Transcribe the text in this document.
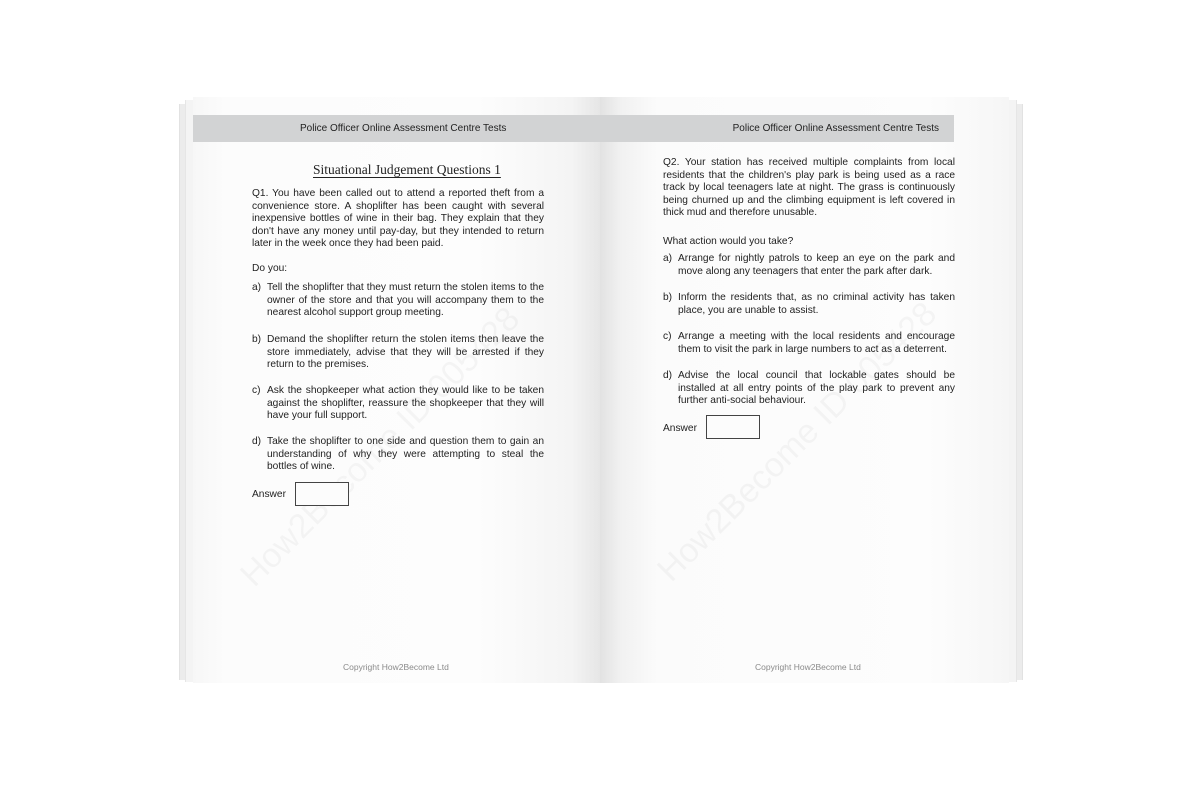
Police Officer Online Assessment Centre Tests
Situational Judgement Questions 1
Q1. You have been called out to attend a reported theft from a convenience store. A shoplifter has been caught with several inexpensive bottles of wine in their bag. They explain that they don't have any money until pay-day, but they intended to return later in the week once they had been paid.
Do you:
a) Tell the shoplifter that they must return the stolen items to the owner of the store and that you will accompany them to the nearest alcohol support group meeting.
b) Demand the shoplifter return the stolen items then leave the store immediately, advise that they will be arrested if they return to the premises.
c) Ask the shopkeeper what action they would like to be taken against the shoplifter, reassure the shopkeeper that they will have your full support.
d) Take the shoplifter to one side and question them to gain an understanding of why they were attempting to steal the bottles of wine.
Answer
Copyright How2Become Ltd
Police Officer Online Assessment Centre Tests
Q2. Your station has received multiple complaints from local residents that the children's play park is being used as a race track by local teenagers late at night. The grass is continuously being churned up and the climbing equipment is left covered in thick mud and therefore unusable.
What action would you take?
a) Arrange for nightly patrols to keep an eye on the park and move along any teenagers that enter the park after dark.
b) Inform the residents that, as no criminal activity has taken place, you are unable to assist.
c) Arrange a meeting with the local residents and encourage them to visit the park in large numbers to act as a deterrent.
d) Advise the local council that lockable gates should be installed at all entry points of the play park to prevent any further anti-social behaviour.
Answer
Copyright How2Become Ltd
